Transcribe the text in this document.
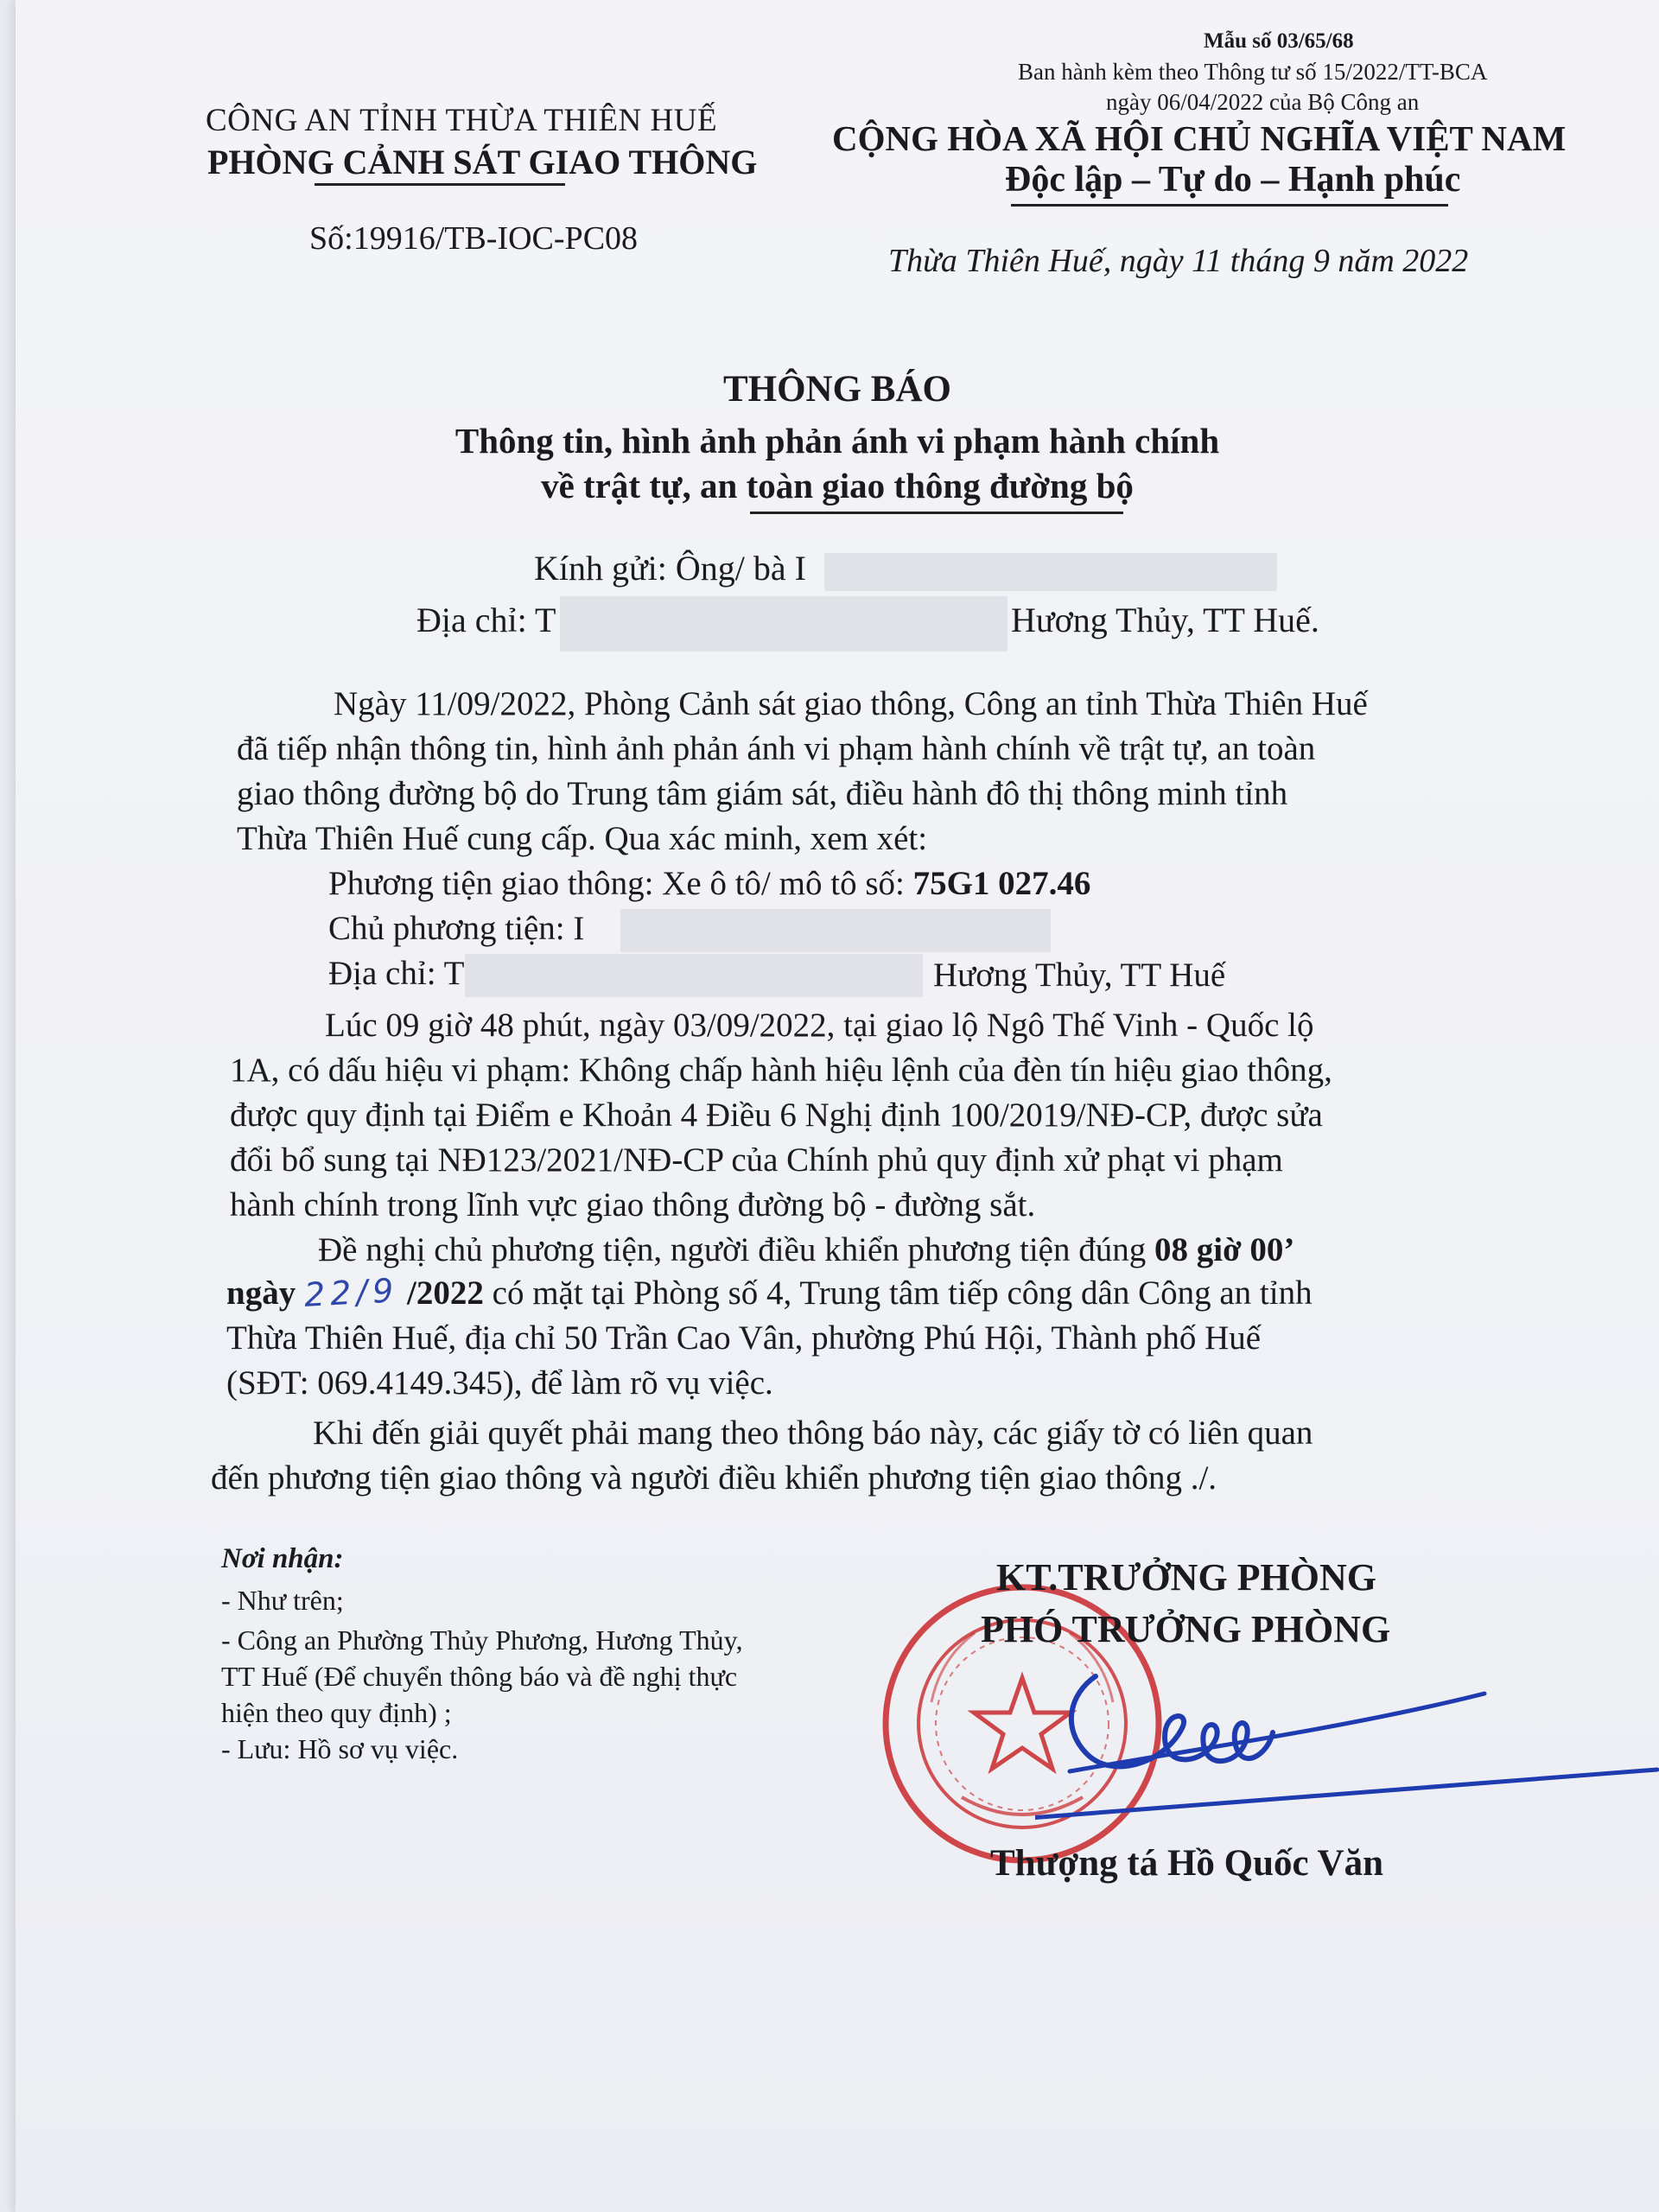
Mẫu số 03/65/68
Ban hành kèm theo Thông tư số 15/2022/TT-BCA
ngày 06/04/2022 của Bộ Công an
CÔNG AN TỈNH THỪA THIÊN HUẾ
PHÒNG CẢNH SÁT GIAO THÔNG
Số:19916/TB-IOC-PC08
CỘNG HÒA XÃ HỘI CHỦ NGHĨA VIỆT NAM
Độc lập – Tự do – Hạnh phúc
Thừa Thiên Huế, ngày 11 tháng 9 năm 2022
THÔNG BÁO
Thông tin, hình ảnh phản ánh vi phạm hành chính
về trật tự, an toàn giao thông đường bộ
Kính gửi: Ông/ bà I
Địa chỉ: T	Hương Thủy, TT Huế.
Ngày 11/09/2022, Phòng Cảnh sát giao thông, Công an tỉnh Thừa Thiên Huế
đã tiếp nhận thông tin, hình ảnh phản ánh vi phạm hành chính về trật tự, an toàn
giao thông đường bộ do Trung tâm giám sát, điều hành đô thị thông minh tỉnh
Thừa Thiên Huế cung cấp. Qua xác minh, xem xét:
Phương tiện giao thông: Xe ô tô/ mô tô số: 75G1 027.46
Chủ phương tiện: I
Địa chỉ: T	Hương Thủy, TT Huế
Lúc 09 giờ 48 phút, ngày 03/09/2022, tại giao lộ Ngô Thế Vinh - Quốc lộ
1A, có dấu hiệu vi phạm: Không chấp hành hiệu lệnh của đèn tín hiệu giao thông,
được quy định tại Điểm e Khoản 4 Điều 6 Nghị định 100/2019/NĐ-CP, được sửa
đổi bổ sung tại NĐ123/2021/NĐ-CP của Chính phủ quy định xử phạt vi phạm
hành chính trong lĩnh vực giao thông đường bộ - đường sắt.
Đề nghị chủ phương tiện, người điều khiển phương tiện đúng 08 giờ 00’
ngày 22/9 /2022 có mặt tại Phòng số 4, Trung tâm tiếp công dân Công an tỉnh
Thừa Thiên Huế, địa chỉ 50 Trần Cao Vân, phường Phú Hội, Thành phố Huế
(SĐT: 069.4149.345), để làm rõ vụ việc.
Khi đến giải quyết phải mang theo thông báo này, các giấy tờ có liên quan
đến phương tiện giao thông và người điều khiển phương tiện giao thông ./.
Nơi nhận:
- Như trên;
- Công an Phường Thủy Phương, Hương Thủy,
TT Huế (Để chuyển thông báo và đề nghị thực
hiện theo quy định) ;
- Lưu: Hồ sơ vụ việc.
KT.TRƯỞNG PHÒNG
PHÓ TRƯỞNG PHÒNG
Thượng tá Hồ Quốc Văn
